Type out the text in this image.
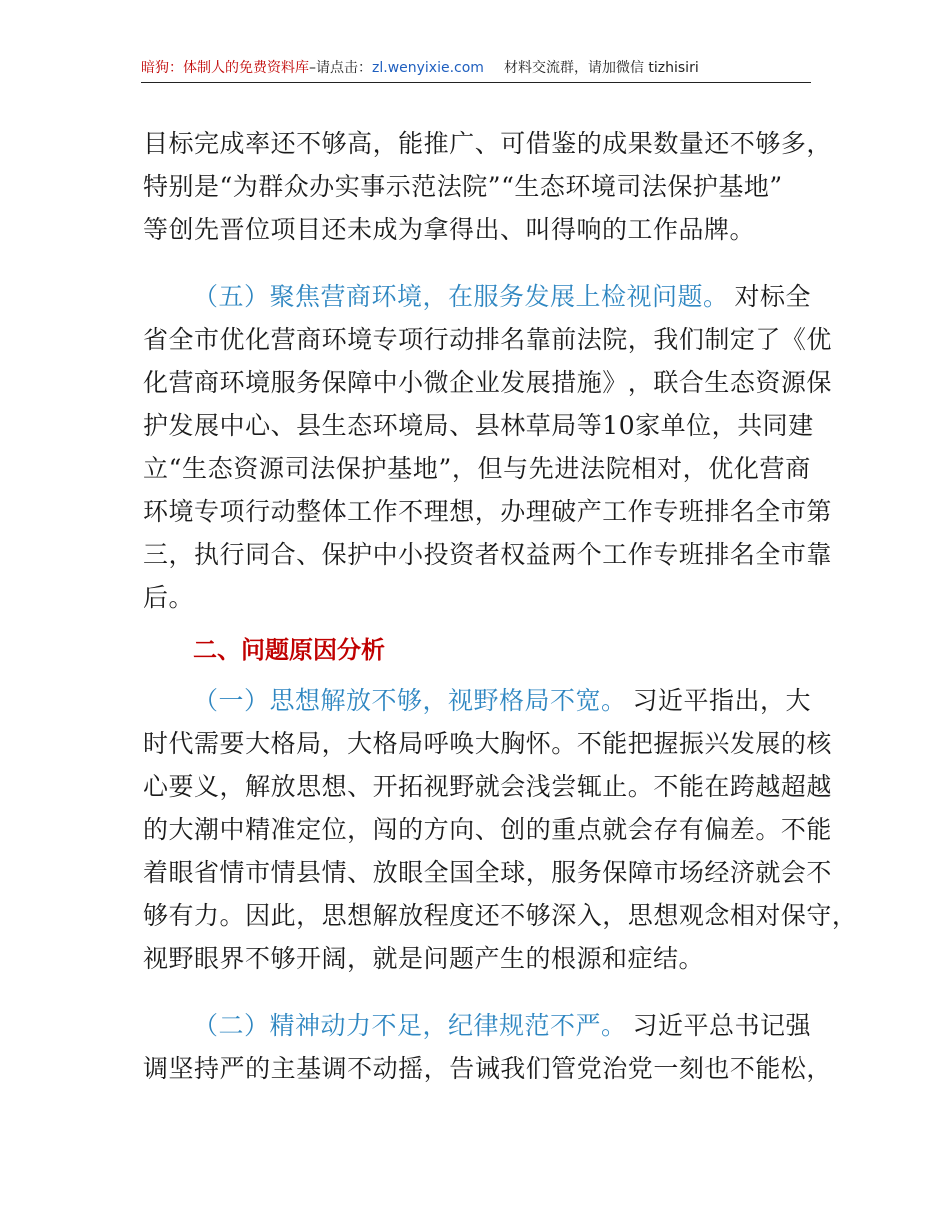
暗狗：体制人的免费资料库–请点击：zl.wenyixie.com 材料交流群，请加微信 tizhisiri
目 标 完 成 率 还 不 够 高 ， 能 推 广 、 可 借 鉴 的 成 果 数 量 还 不 够 多 ，
特别是“为群众办实事示范法院”“生态环境司法保护基地”
等创先晋位项目还未成为拿得出、叫得响的工作品牌。
（五）聚焦营商环境，在服务发展上检视问题。 对标全
省 全 市 优 化 营 商 环 境 专 项 行 动 排 名 靠 前 法 院 ， 我 们 制 定 了 《 优
化 营 商 环 境 服 务 保 障 中 小 微 企 业 发 展 措 施 》 ， 联 合 生 态 资 源 保
护 发 展 中 心 、 县 生 态 环 境 局 、 县 林 草 局 等 1 0 家 单 位 ， 共 同 建
立 “ 生 态 资 源 司 法 保 护 基 地 ” ， 但 与 先 进 法 院 相 对 ， 优 化 营 商
环 境 专 项 行 动 整 体 工 作 不 理 想 ， 办 理 破 产 工 作 专 班 排 名 全 市 第
三 ， 执 行 同 合 、 保 护 中 小 投 资 者 权 益 两 个 工 作 专 班 排 名 全 市 靠
后。
二、问题原因分析
（一）思想解放不够，视野格局不宽。 习近平指出，大
时 代 需 要 大 格 局 ， 大 格 局 呼 唤 大 胸 怀 。 不 能 把 握 振 兴 发 展 的 核
心 要 义 ， 解 放 思 想 、 开 拓 视 野 就 会 浅 尝 辄 止 。 不 能 在 跨 越 超 越
的 大 潮 中 精 准 定 位 ， 闯 的 方 向 、 创 的 重 点 就 会 存 有 偏 差 。 不 能
着 眼 省 情 市 情 县 情 、 放 眼 全 国 全 球 ， 服 务 保 障 市 场 经 济 就 会 不
够 有 力 。 因 此 ， 思 想 解 放 程 度 还 不 够 深 入 ， 思 想 观 念 相 对 保 守 ，
视野眼界不够开阔，就是问题产生的根源和症结。
（二）精神动力不足，纪律规范不严。 习近平总书记强
调 坚 持 严 的 主 基 调 不 动 摇 ， 告 诫 我 们 管 党 治 党 一 刻 也 不 能 松 ，
